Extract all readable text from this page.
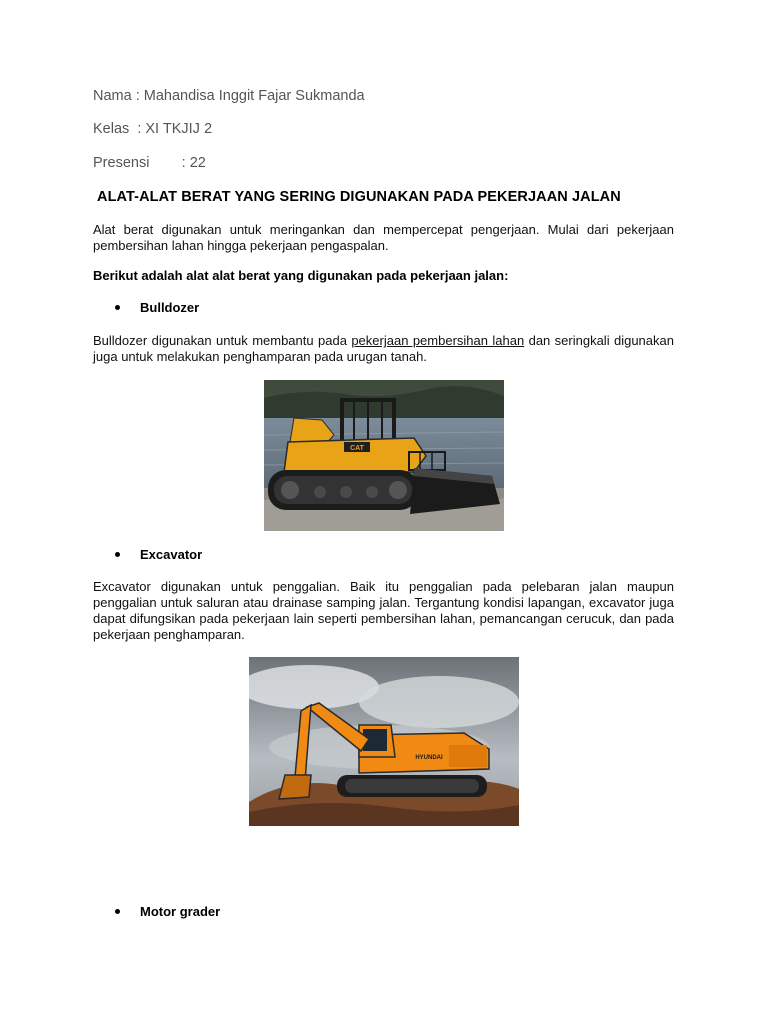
Nama : Mahandisa Inggit Fajar Sukmanda
Kelas  : XI TKJIJ 2
Presensi        : 22
ALAT-ALAT BERAT YANG SERING DIGUNAKAN PADA PEKERJAAN JALAN
Alat berat digunakan untuk meringankan dan mempercepat pengerjaan. Mulai dari pekerjaan pembersihan lahan hingga pekerjaan pengaspalan.
Berikut adalah alat alat berat yang digunakan pada pekerjaan jalan:
Bulldozer
Bulldozer digunakan untuk membantu pada pekerjaan pembersihan lahan dan seringkali digunakan juga untuk melakukan penghamparan pada urugan tanah.
CAT
Excavator
Excavator digunakan untuk penggalian. Baik itu penggalian pada pelebaran jalan maupun penggalian untuk saluran atau drainase samping jalan. Tergantung kondisi lapangan, excavator juga dapat difungsikan pada pekerjaan lain seperti pembersihan lahan, pemancangan cerucuk, dan pada pekerjaan penghamparan.
HYUNDAI
Motor grader
